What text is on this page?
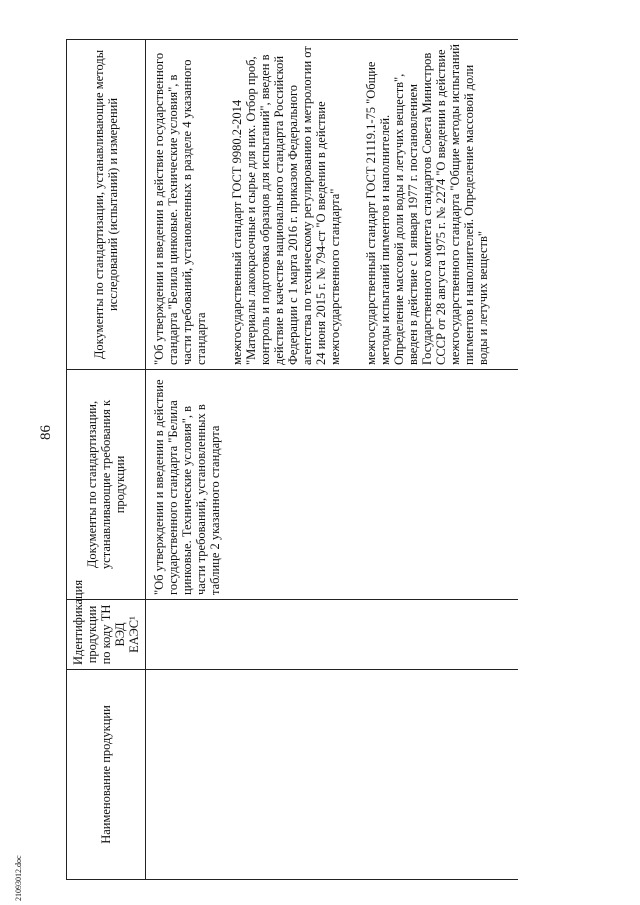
86
21093012.doc
Наименование продукции	Идентификация продукции по коду ТН ВЭД ЕАЭС¹	Документы по стандартизации, устанавливающие требования к продукции	Документы по стандартизации, устанавливающие методы исследований (испытаний) и измерений

		"Об утверждении и введении в действие государственного стандарта "Белила цинковые. Технические условия", в части требований, установленных в таблице 2 указанного стандарта	"Об утверждении и введении в действие государственного стандарта "Белила цинковые. Технические условия", в части требований, установленных в разделе 4 указанного стандарта межгосударственный стандарт ГОСТ 9980.2-2014 "Материалы лакокрасочные и сырье для них. Отбор проб, контроль и подготовка образцов для испытаний", введен в действие в качестве национального стандарта Российской Федерации с 1 марта 2016 г. приказом Федерального агентства по техническому регулированию и метрологии от 24 июня 2015 г. № 794-ст "О введении в действие межгосударственного стандарта" межгосударственный стандарт ГОСТ 21119.1-75 "Общие методы испытаний пигментов и наполнителей. Определение массовой доли воды и летучих веществ", введен в действие с 1 января 1977 г. постановлением Государственного комитета стандартов Совета Министров СССР от 28 августа 1975 г. № 2274 "О введении в действие межгосударственного стандарта "Общие методы испытаний пигментов и наполнителей. Определение массовой доли воды и летучих веществ"
